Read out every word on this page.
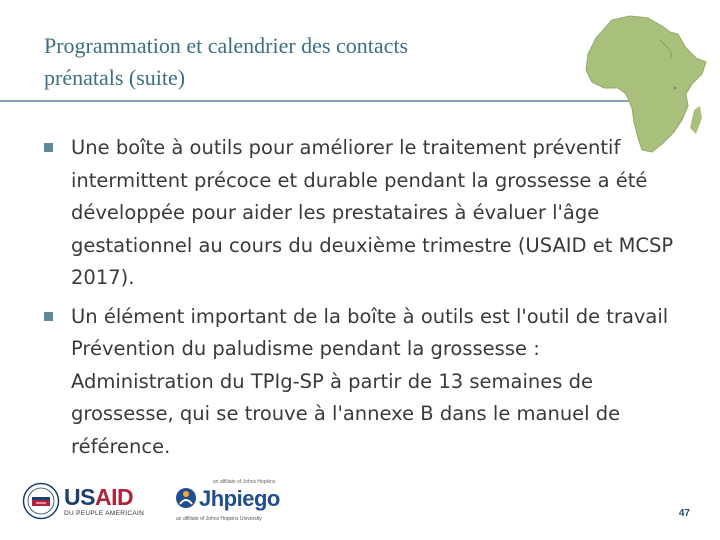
Programmation et calendrier des contacts
prénatals (suite)
Une boîte à outils pour améliorer le traitement préventif intermittent précoce et durable pendant la grossesse a été développée pour aider les prestataires à évaluer l'âge gestationnel au cours du deuxième trimestre (USAID et MCSP 2017).
Un élément important de la boîte à outils est l'outil de travail Prévention du paludisme pendant la grossesse : Administration du TPIg-SP à partir de 13 semaines de grossesse, qui se trouve à l'annexe B dans le manuel de référence.
USAID
DU PEUPLE AMERICAIN
an affiliate of Johns Hopkins
Jhpiego
an affiliate of Johns Hopkins University	47
